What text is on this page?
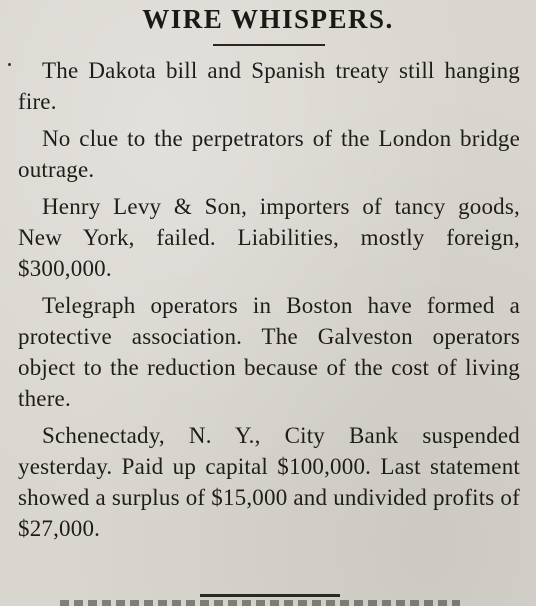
WIRE WHISPERS.

The Dakota bill and Spanish treaty still hanging fire.

No clue to the perpetrators of the London bridge outrage.

Henry Levy & Son, importers of tancy goods, New York, failed. Liabilities, mostly foreign, $300,000.

Telegraph operators in Boston have formed a protective association. The Galveston operators object to the reduction because of the cost of living there.

Schenectady, N. Y., City Bank suspended yesterday. Paid up capital $100,000. Last statement showed a surplus of $15,000 and undivided profits of $27,000.
